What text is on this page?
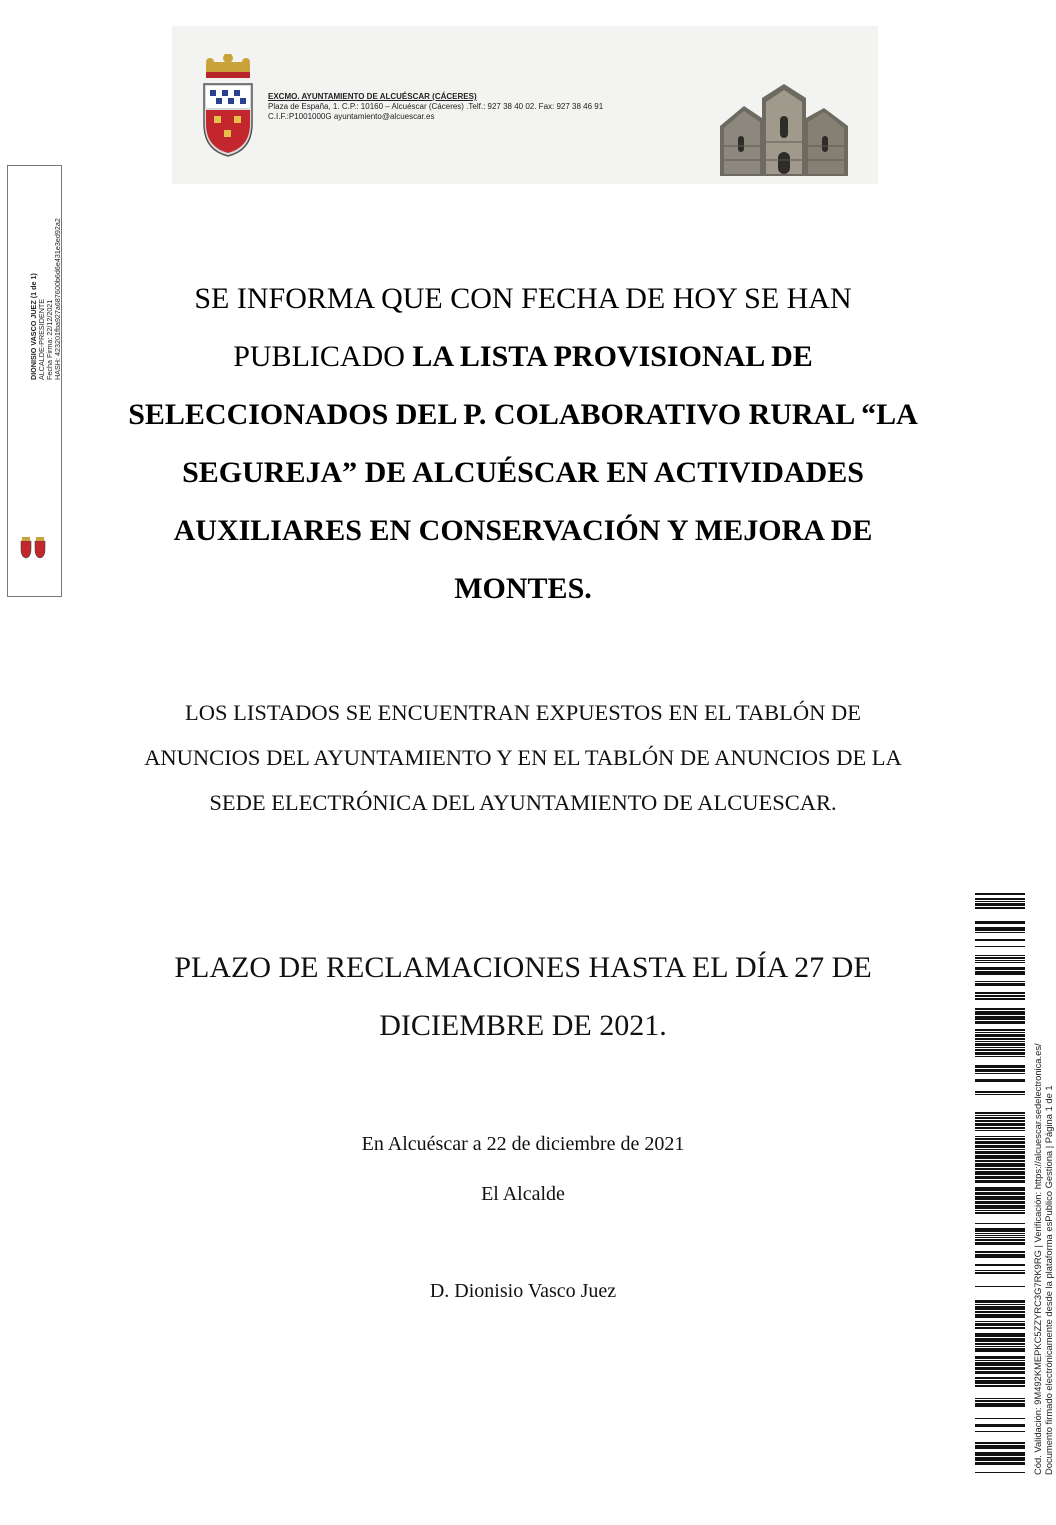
EXCMO. AYUNTAMIENTO DE ALCUÉSCAR (CÁCERES)
Plaza de España, 1. C.P.: 10160 – Alcuéscar (Cáceres) .Telf.: 927 38 40 02. Fax: 927 38 46 91
C.I.F.:P1001000G ayuntamiento@alcuescar.es
DIONISIO VASCO JUEZ (1 de 1) ALCALDE-PRESIDENTE Fecha Firma: 22/12/2021 HASH: 423201fba927a687600b6d6e431e3ed92a2	SE INFORMA QUE CON FECHA DE HOY SE HAN PUBLICADO LA LISTA PROVISIONAL DE SELECCIONADOS DEL P. COLABORATIVO RURAL “LA SEGUREJA” DE ALCUÉSCAR EN ACTIVIDADES AUXILIARES EN CONSERVACIÓN Y MEJORA DE MONTES.
LOS LISTADOS SE ENCUENTRAN EXPUESTOS EN EL TABLÓN DE ANUNCIOS DEL AYUNTAMIENTO Y EN EL TABLÓN DE ANUNCIOS DE LA SEDE ELECTRÓNICA DEL AYUNTAMIENTO DE ALCUESCAR.
PLAZO DE RECLAMACIONES HASTA EL DÍA 27 DE DICIEMBRE DE 2021.
En Alcuéscar a 22 de diciembre de 2021
El Alcalde
D. Dionisio Vasco Juez	Cód. Validación: 9M492KMEPKC5ZZYRC3G7RK9RG | Verificación: https://alcuescar.sedelectronica.es/ Documento firmado electrónicamente desde la plataforma esPublico Gestiona | Página 1 de 1
